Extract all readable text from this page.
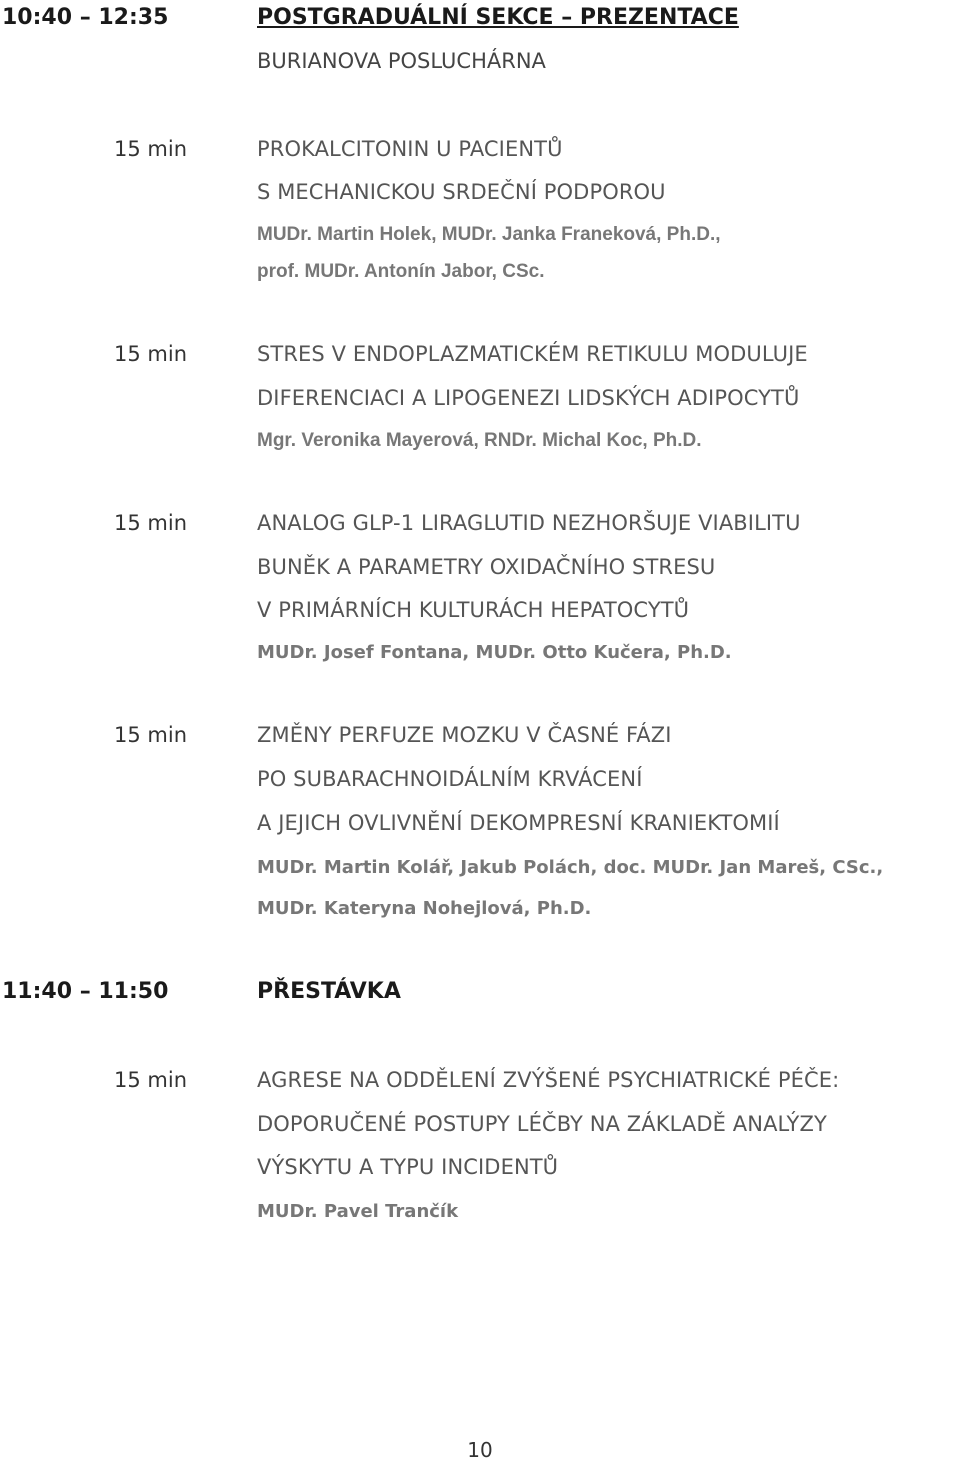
10:40 – 12:35	POSTGRADUÁLNÍ SEKCE – PREZENTACE
BURIANOVA POSLUCHÁRNA
15 min	PROKALCITONIN U PACIENTŮ
S MECHANICKOU SRDEČNÍ PODPOROU
MUDr. Martin Holek, MUDr. Janka Franeková, Ph.D.,
prof. MUDr. Antonín Jabor, CSc.
15 min	STRES V ENDOPLAZMATICKÉM RETIKULU MODULUJE
DIFERENCIACI A LIPOGENEZI LIDSKÝCH ADIPOCYTŮ
Mgr. Veronika Mayerová, RNDr. Michal Koc, Ph.D.
15 min	ANALOG GLP-1 LIRAGLUTID NEZHORŠUJE VIABILITU
BUNĚK A PARAMETRY OXIDAČNÍHO STRESU
V PRIMÁRNÍCH KULTURÁCH HEPATOCYTŮ
MUDr. Josef Fontana, MUDr. Otto Kučera, Ph.D.
15 min	ZMĚNY PERFUZE MOZKU V ČASNÉ FÁZI
PO SUBARACHNOIDÁLNÍM KRVÁCENÍ
A JEJICH OVLIVNĚNÍ DEKOMPRESNÍ KRANIEKTOMIÍ
MUDr. Martin Kolář, Jakub Polách, doc. MUDr. Jan Mareš, CSc.,
MUDr. Kateryna Nohejlová, Ph.D.
11:40 – 11:50	PŘESTÁVKA
15 min	AGRESE NA ODDĚLENÍ ZVÝŠENÉ PSYCHIATRICKÉ PÉČE:
DOPORUČENÉ POSTUPY LÉČBY NA ZÁKLADĚ ANALÝZY
VÝSKYTU A TYPU INCIDENTŮ
MUDr. Pavel Trančík
10
